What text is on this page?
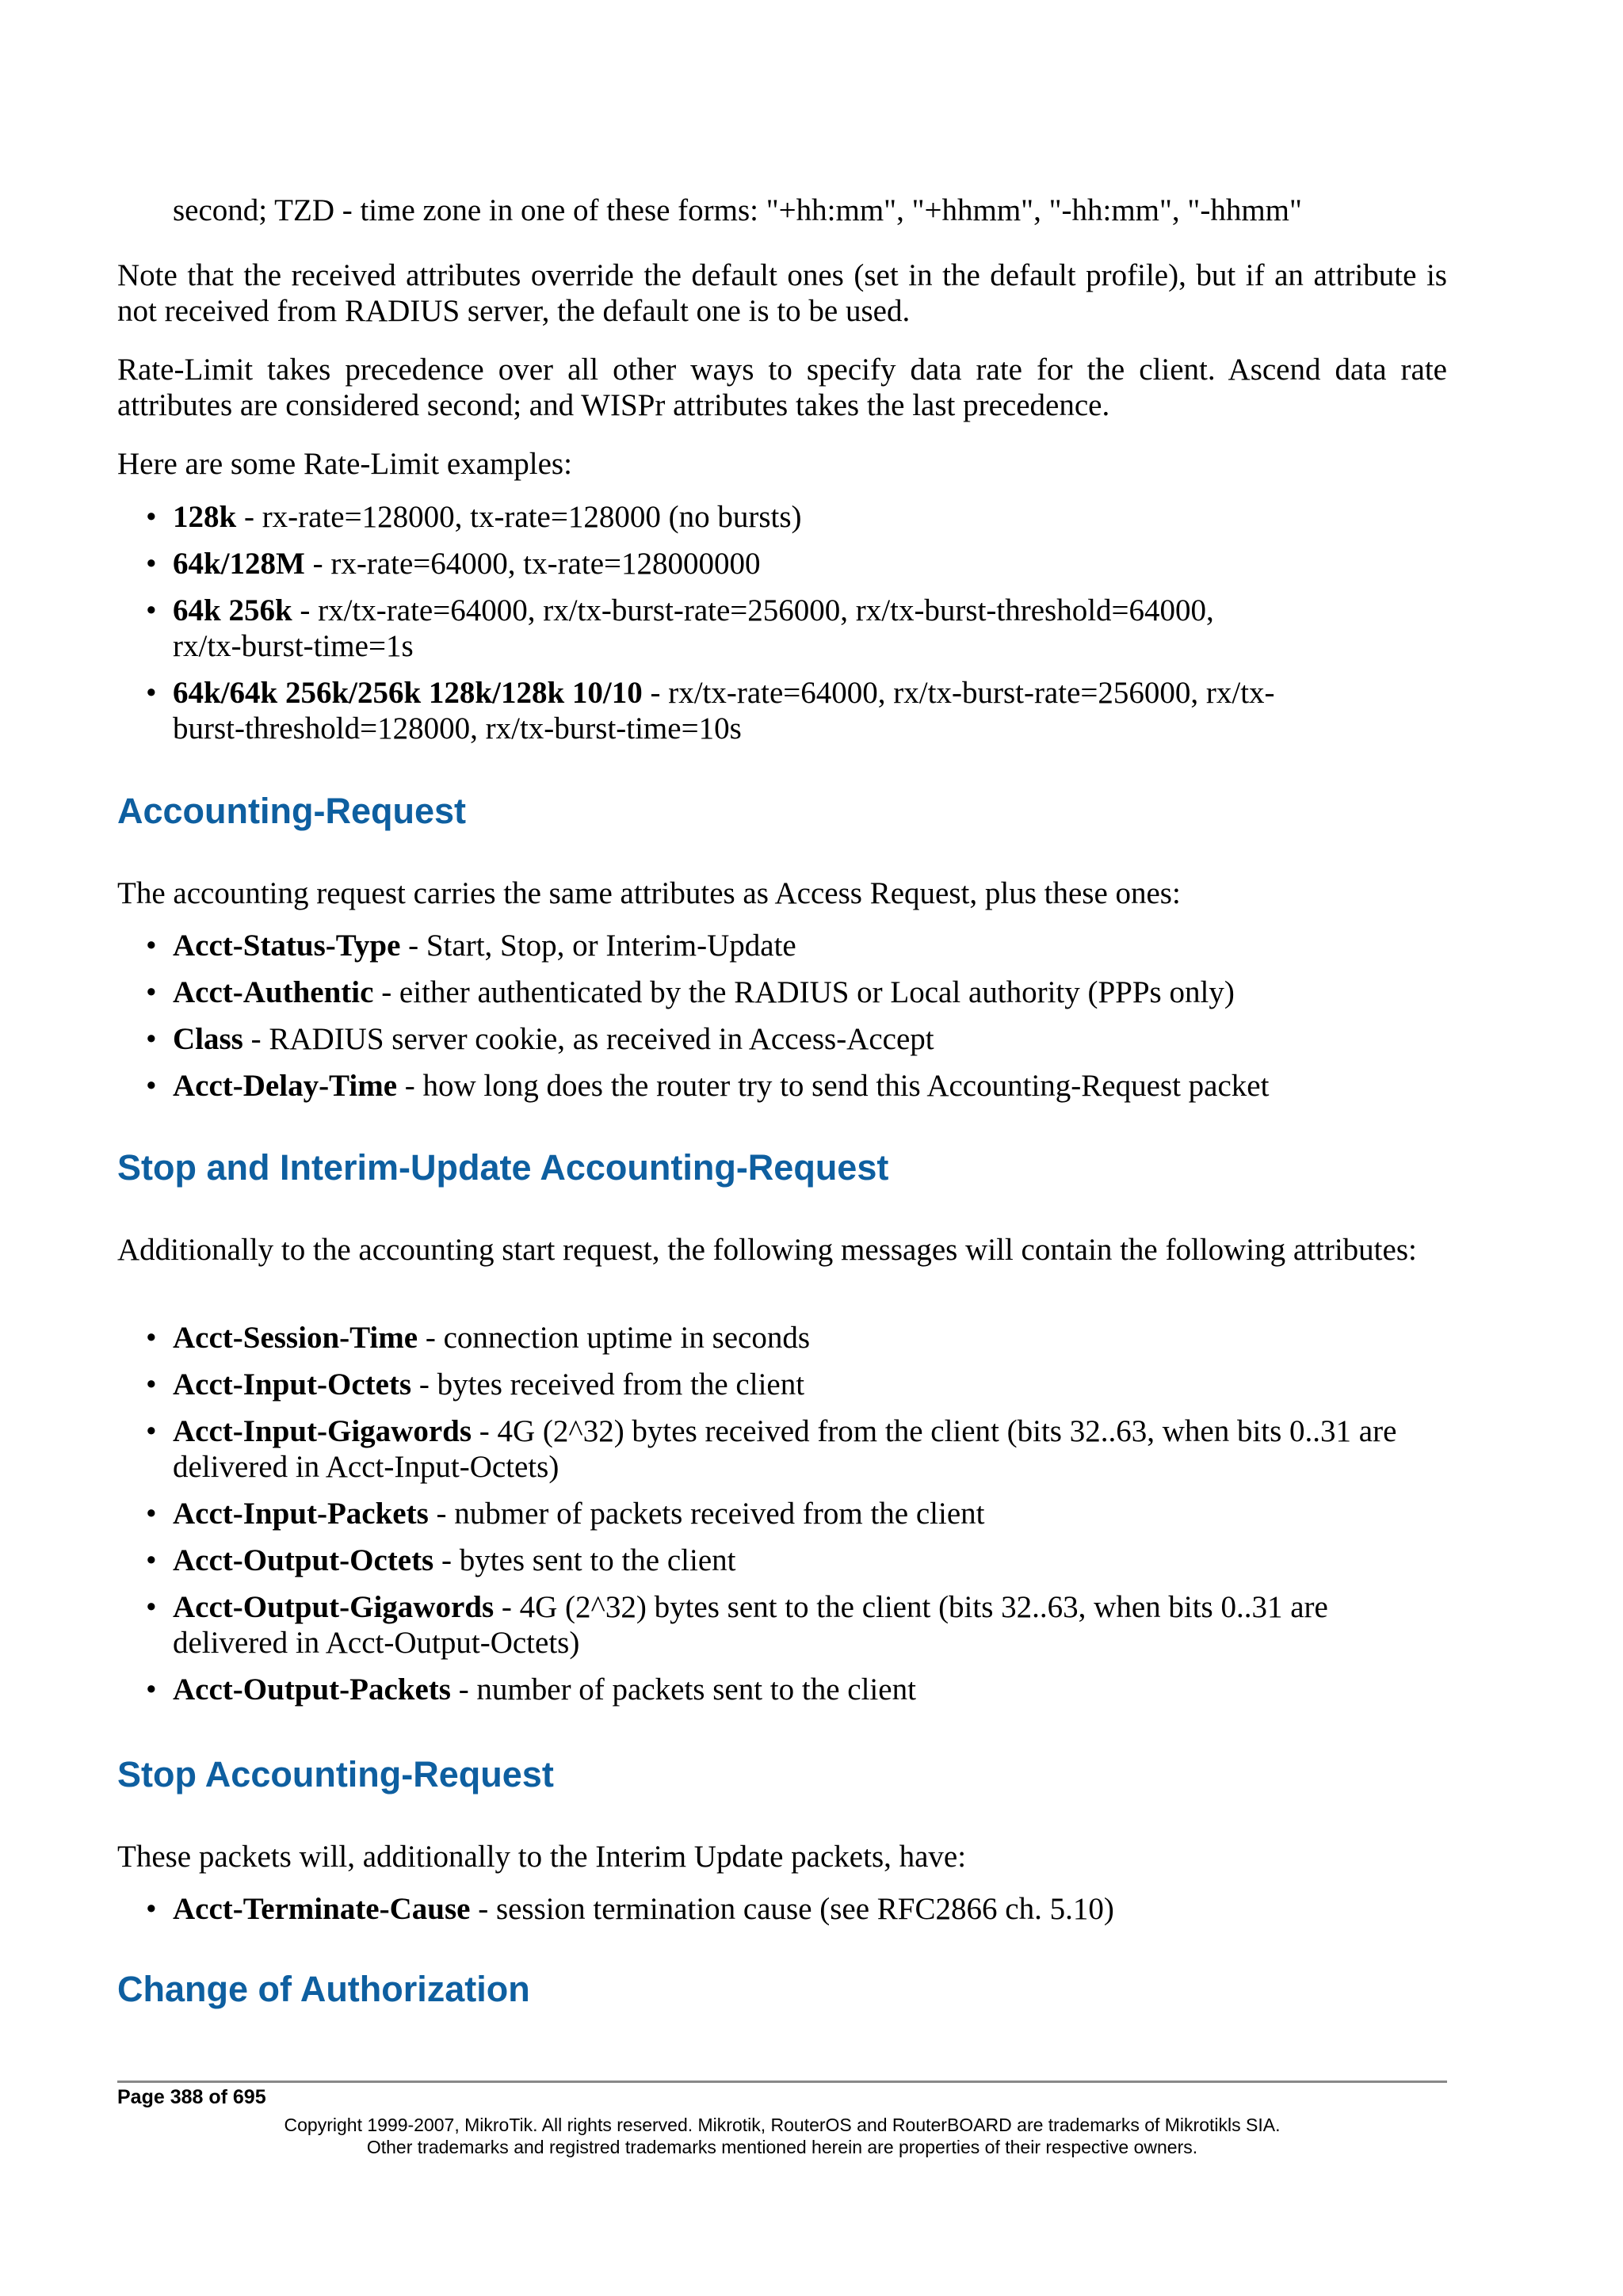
second; TZD - time zone in one of these forms: "+hh:mm", "+hhmm", "-hh:mm", "-hhmm"

Note that the received attributes override the default ones (set in the default profile), but if an attribute is not received from RADIUS server, the default one is to be used.

Rate-Limit takes precedence over all other ways to specify data rate for the client. Ascend data rate attributes are considered second; and WISPr attributes takes the last precedence.

Here are some Rate-Limit examples:

• 128k - rx-rate=128000, tx-rate=128000 (no bursts)
• 64k/128M - rx-rate=64000, tx-rate=128000000
• 64k 256k - rx/tx-rate=64000, rx/tx-burst-rate=256000, rx/tx-burst-threshold=64000, rx/tx-burst-time=1s
• 64k/64k 256k/256k 128k/128k 10/10 - rx/tx-rate=64000, rx/tx-burst-rate=256000, rx/tx-burst-threshold=128000, rx/tx-burst-time=10s
Accounting-Request

The accounting request carries the same attributes as Access Request, plus these ones:

• Acct-Status-Type - Start, Stop, or Interim-Update
• Acct-Authentic - either authenticated by the RADIUS or Local authority (PPPs only)
• Class - RADIUS server cookie, as received in Access-Accept
• Acct-Delay-Time - how long does the router try to send this Accounting-Request packet
Stop and Interim-Update Accounting-Request

Additionally to the accounting start request, the following messages will contain the following attributes:

• Acct-Session-Time - connection uptime in seconds
• Acct-Input-Octets - bytes received from the client
• Acct-Input-Gigawords - 4G (2^32) bytes received from the client (bits 32..63, when bits 0..31 are delivered in Acct-Input-Octets)
• Acct-Input-Packets - nubmer of packets received from the client
• Acct-Output-Octets - bytes sent to the client
• Acct-Output-Gigawords - 4G (2^32) bytes sent to the client (bits 32..63, when bits 0..31 are delivered in Acct-Output-Octets)
• Acct-Output-Packets - number of packets sent to the client
Stop Accounting-Request

These packets will, additionally to the Interim Update packets, have:

• Acct-Terminate-Cause - session termination cause (see RFC2866 ch. 5.10)
Change of Authorization
Page 388 of 695
Copyright 1999-2007, MikroTik. All rights reserved. Mikrotik, RouterOS and RouterBOARD are trademarks of Mikrotikls SIA.
Other trademarks and registred trademarks mentioned herein are properties of their respective owners.
